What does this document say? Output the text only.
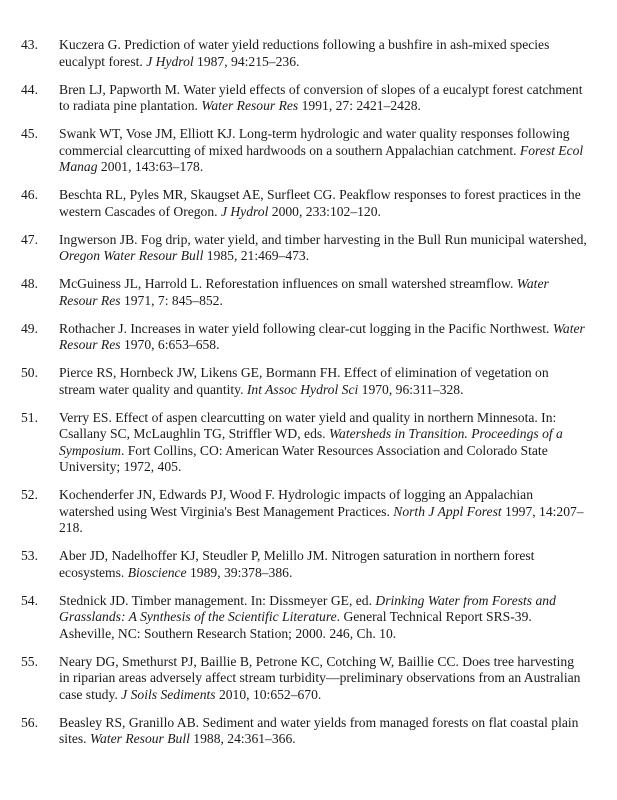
43. Kuczera G. Prediction of water yield reductions following a bushfire in ash-mixed species eucalypt forest. J Hydrol 1987, 94:215–236.
44. Bren LJ, Papworth M. Water yield effects of conversion of slopes of a eucalypt forest catchment to radiata pine plantation. Water Resour Res 1991, 27: 2421–2428.
45. Swank WT, Vose JM, Elliott KJ. Long-term hydrologic and water quality responses following commercial clearcutting of mixed hardwoods on a southern Appalachian catchment. Forest Ecol Manag 2001, 143:63–178.
46. Beschta RL, Pyles MR, Skaugset AE, Surfleet CG. Peakflow responses to forest practices in the western Cascades of Oregon. J Hydrol 2000, 233:102–120.
47. Ingwerson JB. Fog drip, water yield, and timber harvesting in the Bull Run municipal watershed, Oregon Water Resour Bull 1985, 21:469–473.
48. McGuiness JL, Harrold L. Reforestation influences on small watershed streamflow. Water Resour Res 1971, 7: 845–852.
49. Rothacher J. Increases in water yield following clear-cut logging in the Pacific Northwest. Water Resour Res 1970, 6:653–658.
50. Pierce RS, Hornbeck JW, Likens GE, Bormann FH. Effect of elimination of vegetation on stream water quality and quantity. Int Assoc Hydrol Sci 1970, 96:311–328.
51. Verry ES. Effect of aspen clearcutting on water yield and quality in northern Minnesota. In: Csallany SC, McLaughlin TG, Striffler WD, eds. Watersheds in Transition. Proceedings of a Symposium. Fort Collins, CO: American Water Resources Association and Colorado State University; 1972, 405.
52. Kochenderfer JN, Edwards PJ, Wood F. Hydrologic impacts of logging an Appalachian watershed using West Virginia's Best Management Practices. North J Appl Forest 1997, 14:207–218.
53. Aber JD, Nadelhoffer KJ, Steudler P, Melillo JM. Nitrogen saturation in northern forest ecosystems. Bioscience 1989, 39:378–386.
54. Stednick JD. Timber management. In: Dissmeyer GE, ed. Drinking Water from Forests and Grasslands: A Synthesis of the Scientific Literature. General Technical Report SRS-39. Asheville, NC: Southern Research Station; 2000. 246, Ch. 10.
55. Neary DG, Smethurst PJ, Baillie B, Petrone KC, Cotching W, Baillie CC. Does tree harvesting in riparian areas adversely affect stream turbidity—preliminary observations from an Australian case study. J Soils Sediments 2010, 10:652–670.
56. Beasley RS, Granillo AB. Sediment and water yields from managed forests on flat coastal plain sites. Water Resour Bull 1988, 24:361–366.
